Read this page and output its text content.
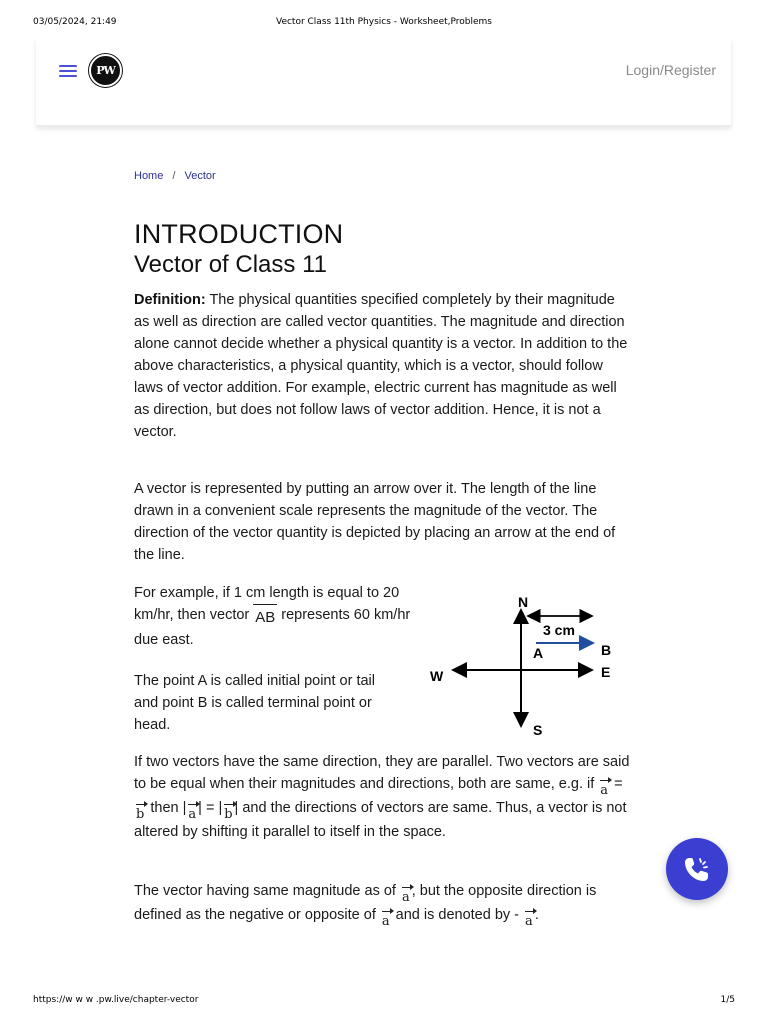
03/05/2024, 21:49	Vector Class 11th Physics - Worksheet,Problems
PW	Login/Register
Home / Vector
INTRODUCTION
Vector of Class 11

Definition: The physical quantities specified completely by their magnitude as well as direction are called vector quantities. The magnitude and direction alone cannot decide whether a physical quantity is a vector. In addition to the above characteristics, a physical quantity, which is a vector, should follow laws of vector addition. For example, electric current has magnitude as well as direction, but does not follow laws of vector addition. Hence, it is not a vector.

A vector is represented by putting an arrow over it. The length of the line drawn in a convenient scale represents the magnitude of the vector. The direction of the vector quantity is depicted by placing an arrow at the end of the line.

For example, if 1 cm length is equal to 20 km/hr, then vector AB represents 60 km/hr due east.

The point A is called initial point or tail and point B is called terminal point or head.

N
S
E
W
A	B
3 cm

If two vectors have the same direction, they are parallel. Two vectors are said to be equal when their magnitudes and directions, both are same, e.g. if a = b then | a | = | b | and the directions of vectors are same. Thus, a vector is not altered by shifting it parallel to itself in the space.

The vector having same magnitude as of a , but the opposite direction is defined as the negative or opposite of a and is denoted by - a .

https://w w w .pw.live/chapter-vector	1/5
